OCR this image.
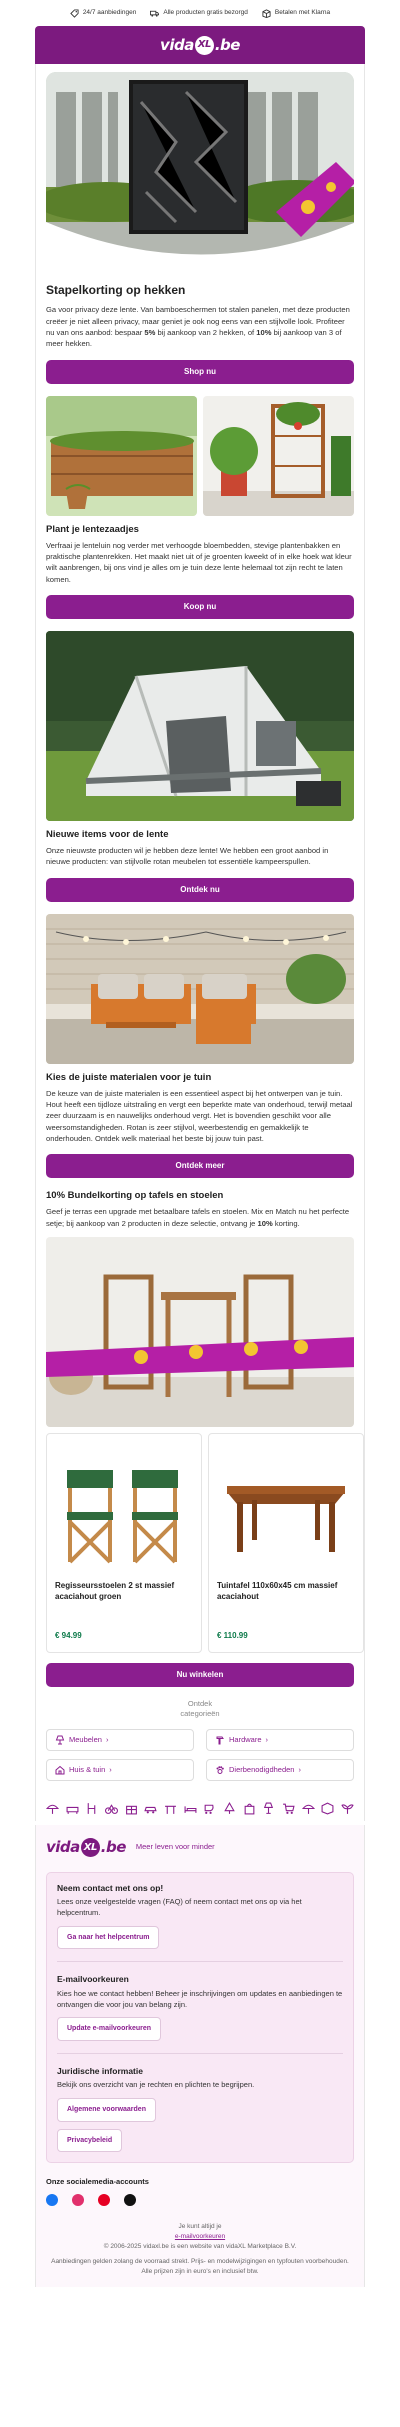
24/7 aanbiedingen	Alle producten gratis bezorgd	Betalen met Klarna
vida XL .be
Stapelkorting op hekken

Ga voor privacy deze lente. Van bamboeschermen tot stalen panelen, met deze producten creëer je niet alleen privacy, maar geniet je ook nog eens van een stijlvolle look. Profiteer nu van ons aanbod: bespaar 5% bij aankoop van 2 hekken, of 10% bij aankoop van 3 of meer hekken.

Shop nu
Plant je lentezaadjes

Verfraai je lenteluin nog verder met verhoogde bloembedden, stevige plantenbakken en praktische plantenrekken. Het maakt niet uit of je groenten kweekt of in elke hoek wat kleur wilt aanbrengen, bij ons vind je alles om je tuin deze lente helemaal tot zijn recht te laten komen.

Koop nu
Nieuwe items voor de lente

Onze nieuwste producten wil je hebben deze lente! We hebben een groot aanbod in nieuwe producten: van stijlvolle rotan meubelen tot essentiële kampeerspullen.

Ontdek nu
Kies de juiste materialen voor je tuin

De keuze van de juiste materialen is een essentieel aspect bij het ontwerpen van je tuin. Hout heeft een tijdloze uitstraling en vergt een beperkte mate van onderhoud, terwijl metaal zeer duurzaam is en nauwelijks onderhoud vergt. Het is bovendien geschikt voor alle weersomstandigheden. Rotan is zeer stijlvol, weerbestendig en gemakkelijk te onderhouden. Ontdek welk materiaal het beste bij jouw tuin past.

Ontdek meer
10% Bundelkorting op tafels en stoelen

Geef je terras een upgrade met betaalbare tafels en stoelen. Mix en Match nu het perfecte setje; bij aankoop van 2 producten in deze selectie, ontvang je 10% korting.

Regisseursstoelen 2 st massief acaciahout groen
€ 94.99
Tuintafel 110x60x45 cm massief acaciahout
€ 110.99
Nu winkelen
Ontdek
categorieën
Meubelen ›	Hardware ›
Huis & tuin ›	Dierbenodigdheden ›
vida XL .be Meer leven voor minder
Neem contact met ons op!

Lees onze veelgestelde vragen (FAQ) of neem contact met ons op via het helpcentrum.

Ga naar het helpcentrum
E-mailvoorkeuren

Kies hoe we contact hebben! Beheer je inschrijvingen om updates en aanbiedingen te ontvangen die voor jou van belang zijn.

Update e-mailvoorkeuren
Juridische informatie

Bekijk ons overzicht van je rechten en plichten te begrijpen.

Algemene voorwaarden
Privacybeleid
Onze socialemedia-accounts
Je kunt altijd je
e-mailvoorkeuren
© 2006-2025 vidaxl.be is een website van vidaXL Marketplace B.V.
Aanbiedingen gelden zolang de voorraad strekt. Prijs- en modelwijzigingen en typfouten voorbehouden. Alle prijzen zijn in euro's en inclusief btw.
